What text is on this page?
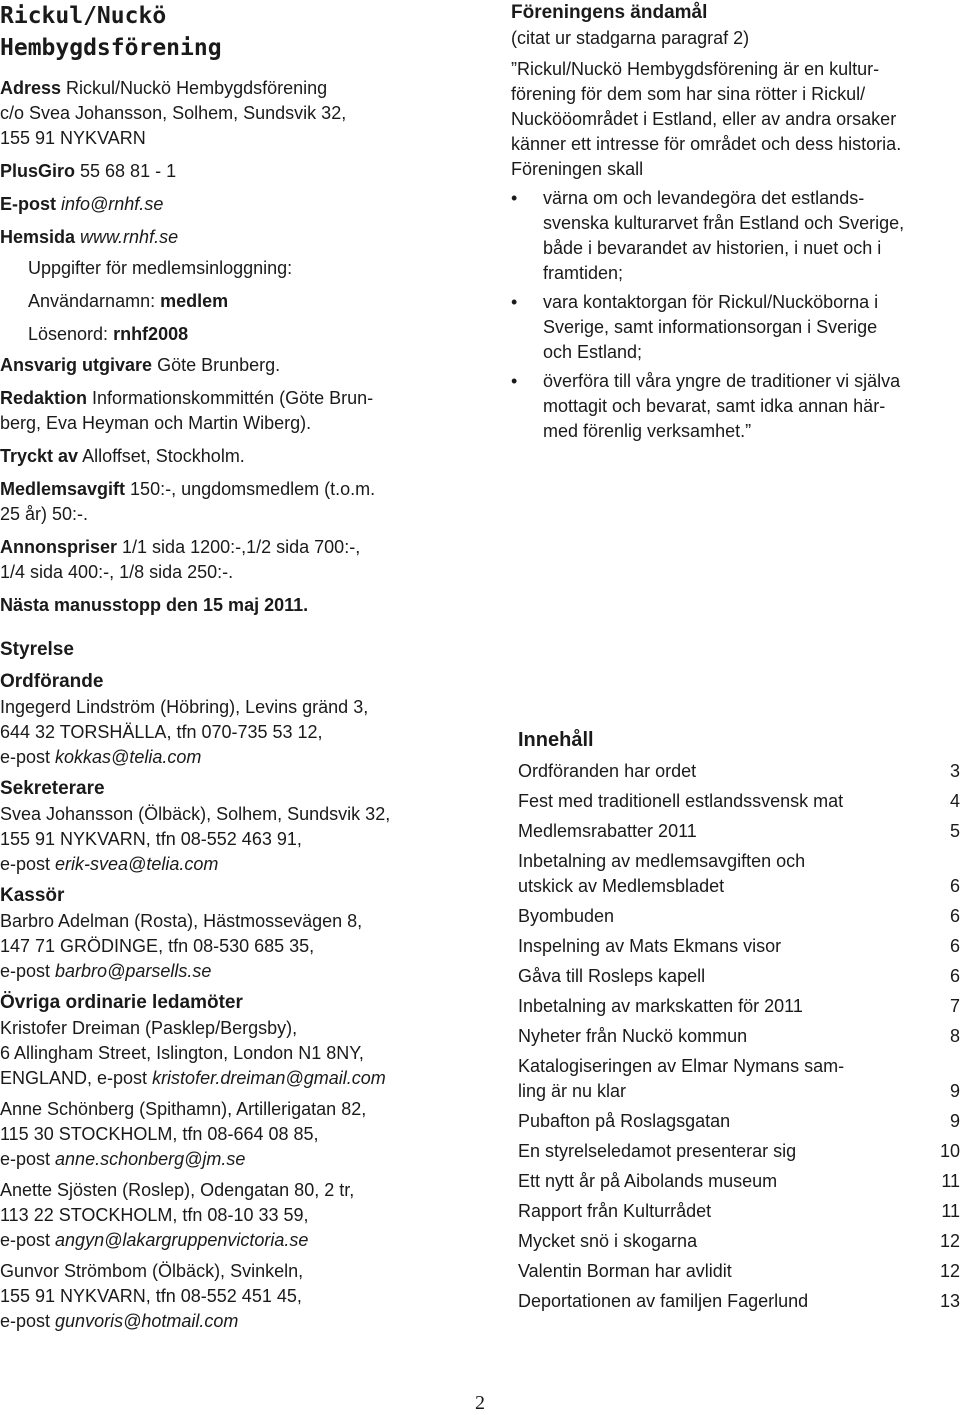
Rickul/Nuckö
Hembygdsförening

Adress Rickul/Nuckö Hembygdsförening

c/o Svea Johansson, Solhem, Sundsvik 32,

155 91 NYKVARN

PlusGiro 55 68 81 - 1

E-post info@rnhf.se

Hemsida www.rnhf.se

Uppgifter för medlemsinloggning:

Användarnamn: medlem

Lösenord: rnhf2008

Ansvarig utgivare Göte Brunberg.

Redaktion Informationskommittén (Göte Brun-

berg, Eva Heyman och Martin Wiberg).

Tryckt av Alloffset, Stockholm.

Medlemsavgift 150:-, ungdomsmedlem (t.o.m.

25 år) 50:-.

Annonspriser 1/1 sida 1200:-,1/2 sida 700:-,

1/4 sida 400:-, 1/8 sida 250:-.

Nästa manusstopp den 15 maj 2011.

Föreningens ändamål

(citat ur stadgarna paragraf 2)

”Rickul/Nuckö Hembygdsförening är en kultur-

förening för dem som har sina rötter i Rickul/

Nuckööområdet i Estland, eller av andra orsaker

känner ett intresse för området och dess historia.

Föreningen skall

• värna om och levandegöra det estlands-
svenska kulturarvet från Estland och Sverige,
både i bevarandet av historien, i nuet och i
framtiden;
• vara kontaktorgan för Rickul/Nucköborna i
Sverige, samt informationsorgan i Sverige
och Estland;
• överföra till våra yngre de traditioner vi själva
mottagit och bevarat, samt idka annan här-
med förenlig verksamhet.”
Styrelse
Ordförande

Ingegerd Lindström (Höbring), Levins gränd 3,

644 32 TORSHÄLLA, tfn 070-735 53 12,

e-post kokkas@telia.com

Sekreterare

Svea Johansson (Ölbäck), Solhem, Sundsvik 32,

155 91 NYKVARN, tfn 08-552 463 91,

e-post erik-svea@telia.com

Kassör

Barbro Adelman (Rosta), Hästmossevägen 8,

147 71 GRÖDINGE, tfn 08-530 685 35,

e-post barbro@parsells.se

Övriga ordinarie ledamöter

Kristofer Dreiman (Pasklep/Bergsby),

6 Allingham Street, Islington, London N1 8NY,

ENGLAND, e-post kristofer.dreiman@gmail.com

Anne Schönberg (Spithamn), Artillerigatan 82,

115 30 STOCKHOLM, tfn 08-664 08 85,

e-post anne.schonberg@jm.se

Anette Sjösten (Roslep), Odengatan 80, 2 tr,

113 22 STOCKHOLM, tfn 08-10 33 59,

e-post angyn@lakargruppenvictoria.se

Gunvor Strömbom (Ölbäck), Svinkeln,

155 91 NYKVARN, tfn 08-552 451 45,

e-post gunvoris@hotmail.com

Innehåll
Ordföranden har ordet	3
Fest med traditionell estlandssvensk mat	4
Medlemsrabatter 2011	5
Inbetalning av medlemsavgiften och
utskick av Medlemsbladet	6
Byombuden	6
Inspelning av Mats Ekmans visor	6
Gåva till Rosleps kapell	6
Inbetalning av markskatten för 2011	7
Nyheter från Nuckö kommun	8
Katalogiseringen av Elmar Nymans sam-
ling är nu klar	9
Pubafton på Roslagsgatan	9
En styrelseledamot presenterar sig	10
Ett nytt år på Aibolands museum	11
Rapport från Kulturrådet	11
Mycket snö i skogarna	12
Valentin Borman har avlidit	12
Deportationen av familjen Fagerlund	13
2
